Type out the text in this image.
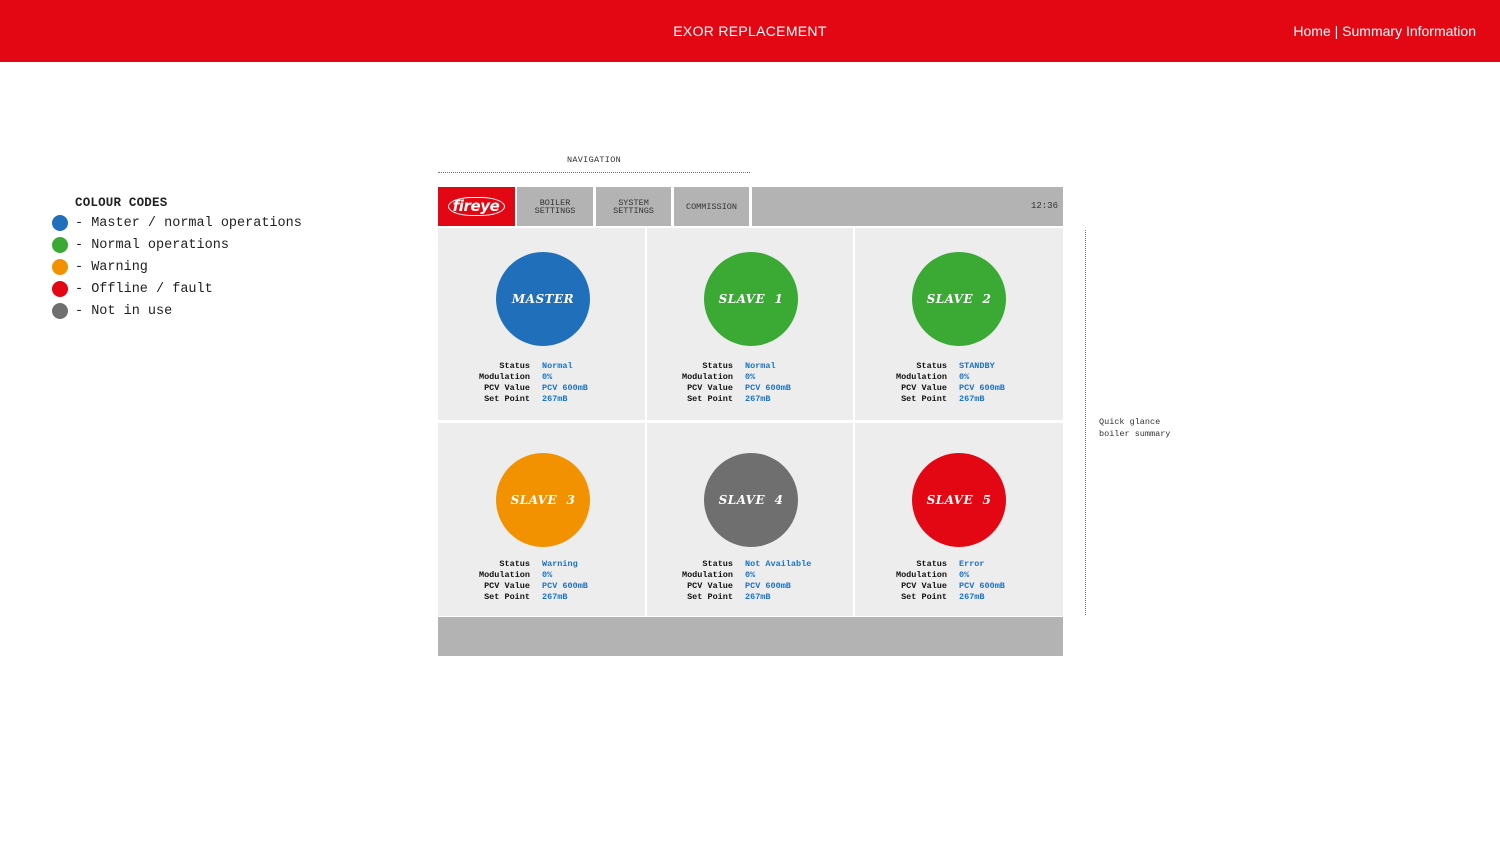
EXOR REPLACEMENT	Home | Summary Information
COLOUR CODES
- Master / normal operations
- Normal operations
- Warning
- Offline / fault
- Not in use
NAVIGATION
fireye	BOILER
SETTINGS
SYSTEM
SETTINGS	COMMISSION	12:36
MASTER
Status Normal
Modulation 0%
PCV Value PCV 600mB
Set Point 267mB
SLAVE  1
Status Normal
Modulation 0%
PCV Value PCV 600mB
Set Point 267mB
SLAVE  2
Status STANDBY
Modulation 0%
PCV Value PCV 600mB
Set Point 267mB
SLAVE  3
Status Warning
Modulation 0%
PCV Value PCV 600mB
Set Point 267mB
SLAVE  4
Status Not Available
Modulation 0%
PCV Value PCV 600mB
Set Point 267mB
SLAVE  5
Status Error
Modulation 0%
PCV Value PCV 600mB
Set Point 267mB
Quick glance
boiler summary
